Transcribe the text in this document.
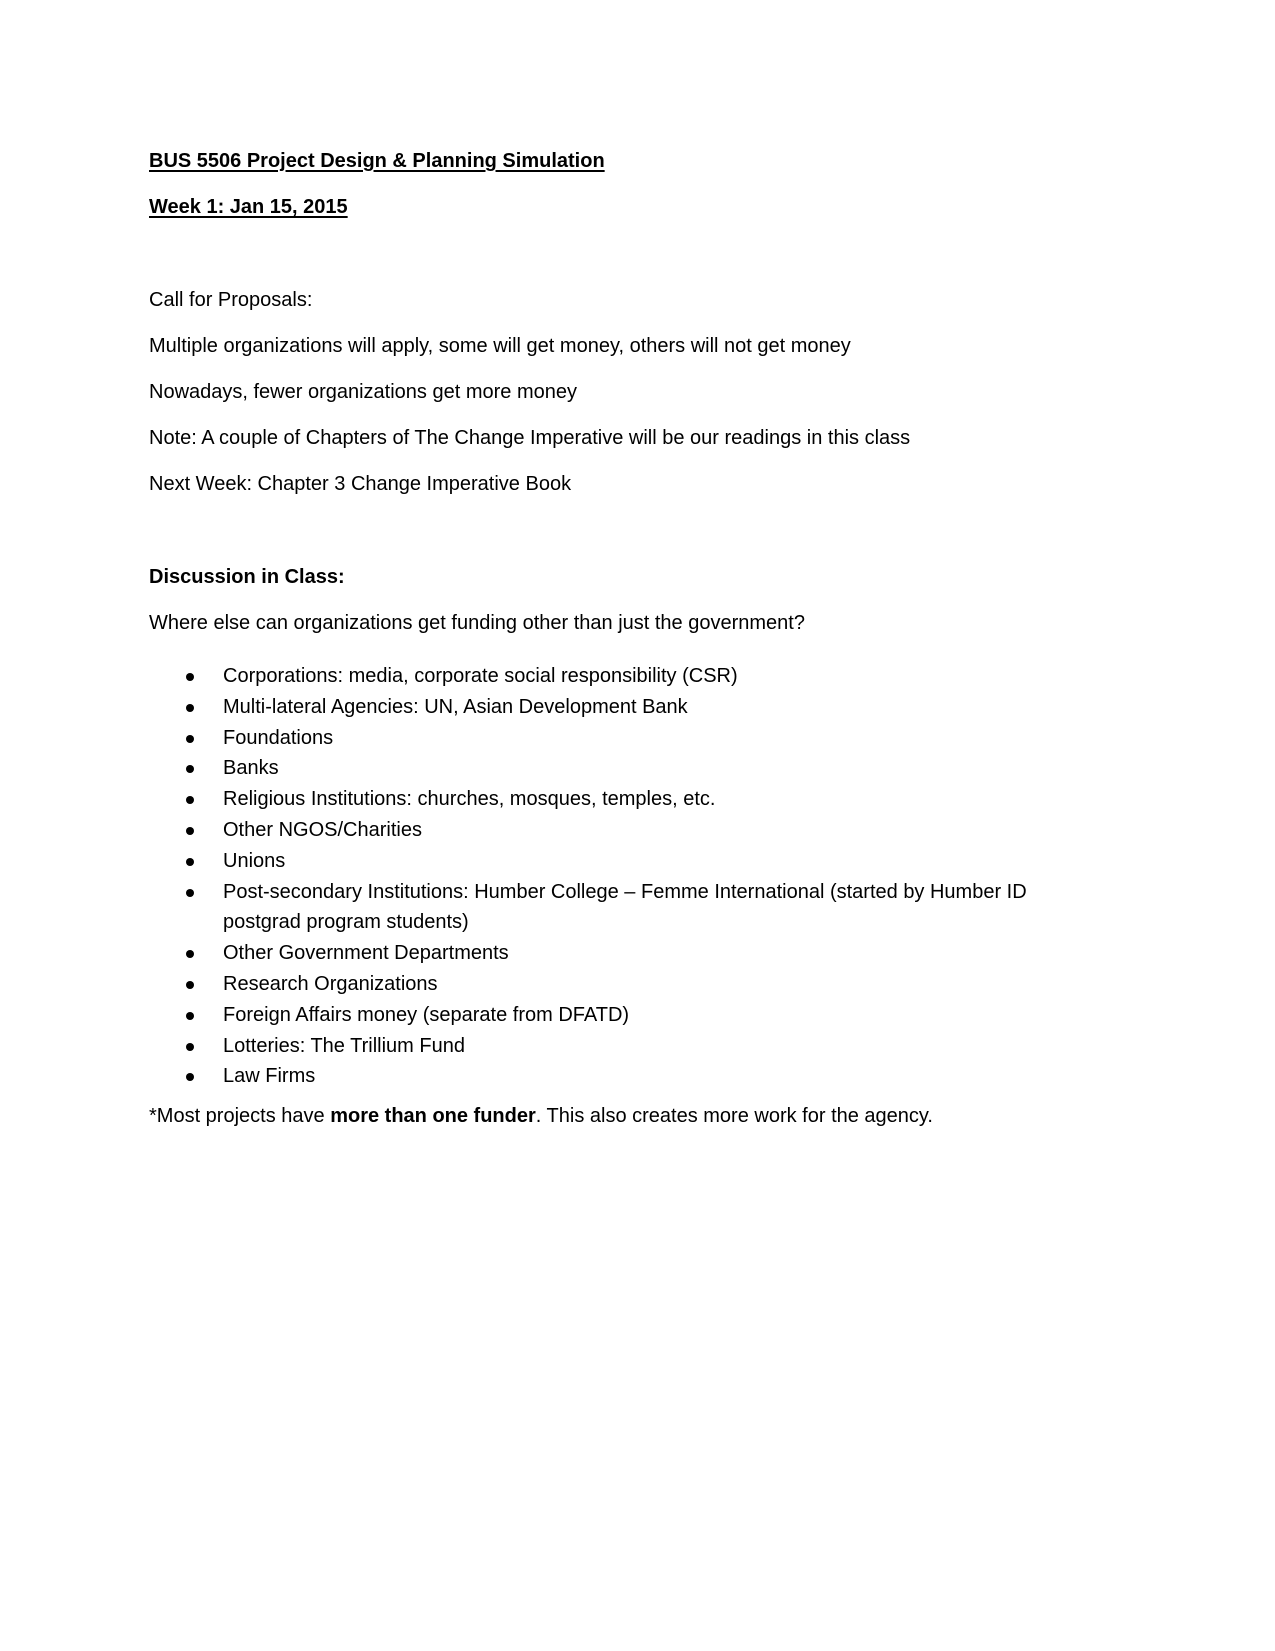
BUS 5506 Project Design & Planning Simulation
Week 1: Jan 15, 2015
Call for Proposals:
Multiple organizations will apply, some will get money, others will not get money
Nowadays, fewer organizations get more money
Note: A couple of Chapters of The Change Imperative will be our readings in this class
Next Week: Chapter 3 Change Imperative Book
Discussion in Class:
Where else can organizations get funding other than just the government?
Corporations: media, corporate social responsibility (CSR)
Multi-lateral Agencies: UN, Asian Development Bank
Foundations
Banks
Religious Institutions: churches, mosques, temples, etc.
Other NGOS/Charities
Unions
Post-secondary Institutions: Humber College – Femme International (started by Humber ID
postgrad program students)
Other Government Departments
Research Organizations
Foreign Affairs money (separate from DFATD)
Lotteries: The Trillium Fund
Law Firms
*Most projects have more than one funder. This also creates more work for the agency.
